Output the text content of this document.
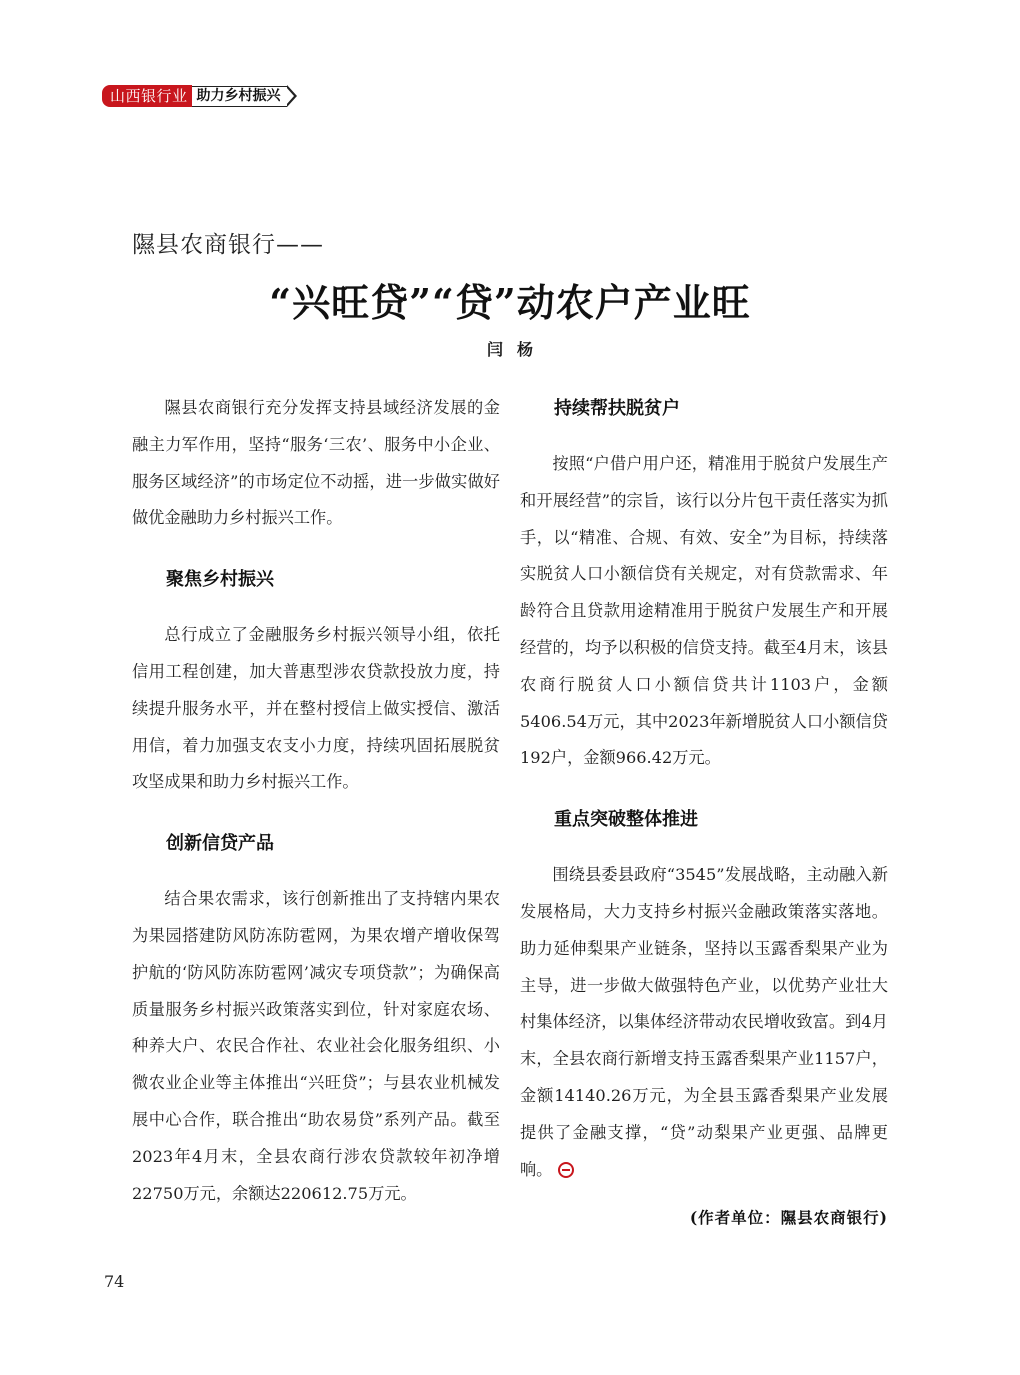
山西银行业 助力乡村振兴
隰县农商银行——
“兴旺贷”“贷”动农户产业旺
闫杨

隰县农商银行充分发挥支持县域经济发展的金融主力军作用，坚持“服务‘三农’、服务中小企业、服务区域经济”的市场定位不动摇，进一步做实做好做优金融助力乡村振兴工作。

聚焦乡村振兴

总行成立了金融服务乡村振兴领导小组，依托信用工程创建，加大普惠型涉农贷款投放力度，持续提升服务水平，并在整村授信上做实授信、激活用信，着力加强支农支小力度，持续巩固拓展脱贫攻坚成果和助力乡村振兴工作。

创新信贷产品

结合果农需求，该行创新推出了支持辖内果农为果园搭建防风防冻防雹网，为果农增产增收保驾护航的‘防风防冻防雹网’减灾专项贷款”；为确保高质量服务乡村振兴政策落实到位，针对家庭农场、种养大户、农民合作社、农业社会化服务组织、小微农业企业等主体推出“兴旺贷”；与县农业机械发展中心合作，联合推出“助农易贷”系列产品。截至2023年4月末，全县农商行涉农贷款较年初净增22750万元，余额达220612.75万元。

持续帮扶脱贫户

按照“户借户用户还，精准用于脱贫户发展生产和开展经营”的宗旨，该行以分片包干责任落实为抓手，以“精准、合规、有效、安全”为目标，持续落实脱贫人口小额信贷有关规定，对有贷款需求、年龄符合且贷款用途精准用于脱贫户发展生产和开展经营的，均予以积极的信贷支持。截至4月末，该县农商行脱贫人口小额信贷共计1103户，金额5406.54万元，其中2023年新增脱贫人口小额信贷192户，金额966.42万元。

重点突破整体推进

围绕县委县政府“3545”发展战略，主动融入新发展格局，大力支持乡村振兴金融政策落实落地。助力延伸梨果产业链条，坚持以玉露香梨果产业为主导，进一步做大做强特色产业，以优势产业壮大村集体经济，以集体经济带动农民增收致富。到4月末，全县农商行新增支持玉露香梨果产业1157户，金额14140.26万元，为全县玉露香梨果产业发展提供了金融支撑，“贷”动梨果产业更强、品牌更响。

(作者单位：隰县农商银行)
74
